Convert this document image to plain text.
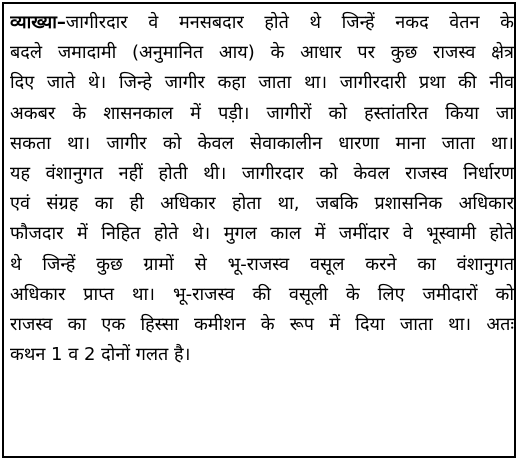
व्याख्या–जागीरदार वे मनसबदार होते थे जिन्हें नकद वेतन के
बदले जमादामी (अनुमानित आय) के आधार पर कुछ राजस्व क्षेत्र
दिए जाते थे। जिन्हे जागीर कहा जाता था। जागीरदारी प्रथा की नीव
अकबर के शासनकाल में पड़ी। जागीरों को हस्तांतरित किया जा
सकता था। जागीर को केवल सेवाकालीन धारणा माना जाता था।
यह वंशानुगत नहीं होती थी। जागीरदार को केवल राजस्व निर्धारण
एवं संग्रह का ही अधिकार होता था, जबकि प्रशासनिक अधिकार
फौजदार में निहित होते थे। मुगल काल में जमींदार वे भूस्वामी होते
थे जिन्हें कुछ ग्रामों से भू-राजस्व वसूल करने का वंशानुगत
अधिकार प्राप्त था। भू-राजस्व की वसूली के लिए जमीदारों को
राजस्व का एक हिस्सा कमीशन के रूप में दिया जाता था। अतः
कथन 1 व 2 दोनों गलत है।
